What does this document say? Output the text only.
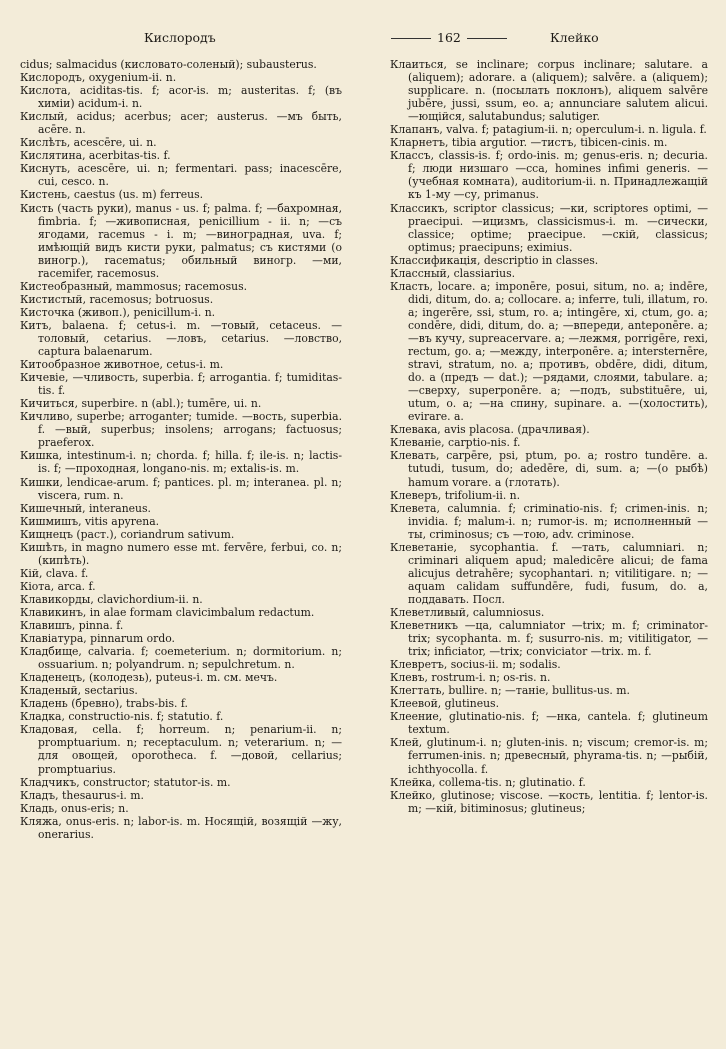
Кислородъ	162	Клейко

cidus; salmacidus (кисловато-соленый); subausterus.

Кислородъ, oxygenium-ii. n.

Кислота, aciditas-tis. f; acor-is. m; austeritas. f; (въ химіи) acidum-i. n.

Кислый, acidus; acerbus; acer; austerus. —мъ быть, acēre. n.

Кислѣть, acescēre, ui. n.

Кислятина, acerbitas-tis. f.

Киснуть, acescēre, ui. n; fermentari. pass; inacescēre, cui, cesco. n.

Кистень, caestus (us. m) ferreus.

Кисть (часть руки), manus - us. f; palma. f; —бахромная, fimbria. f; —живописная, penicillium - ii. n; —съ ягодами, racemus - i. m; —виноградная, uva. f; имѣющій видъ кисти руки, palmatus; съ кистями (о виногр.), racematus; обильный виногр. —ми, racemifer, racemosus.

Кистеобразный, mammosus; racemosus.

Кистистый, racemosus; botruosus.

Кисточка (живоп.), penicillum-i. n.

Китъ, balaena. f; cetus-i. m. —товый, cetaceus. —толовый, cetarius. —ловъ, cetarius. —ловство, captura balaenarum.

Китообразное животное, cetus-i. m.

Кичевіе, —чливость, superbia. f; arrogantia. f; tumiditas-tis. f.

Кичиться, superbire. n (abl.); tumēre, ui. n.

Кичливо, superbe; arroganter; tumide. —вость, superbia. f. —вый, superbus; insolens; arrogans; factuosus; praeferox.

Кишка, intestinum-i. n; chorda. f; hilla. f; ile-is. n; lactis-is. f; —проходная, longano-nis. m; extalis-is. m.

Кишки, lendicae-arum. f; pantices. pl. m; interanea. pl. n; viscera, rum. n.

Кишечный, interaneus.

Кишмишъ, vitis apyrena.

Кищнецъ (раст.), coriandrum sativum.

Кишѣть, in magno numero esse mt. fervēre, ferbui, co. n; (кипѣть).

Кій, clava. f.

Кіота, arca. f.

Клавикорды, clavichordium-ii. n.

Клавикинъ, in alae formam clavicimbalum redactum.

Клавишъ, pinna. f.

Клавіатура, pinnarum ordo.

Кладбище, calvaria. f; coemeterium. n; dormitorium. n; ossuarium. n; polyandrum. n; sepulchretum. n.

Кладенецъ, (колодезь), puteus-i. m. см. мечъ.

Кладеный, sectarius.

Кладень (бревно), trabs-bis. f.

Кладка, constructio-nis. f; statutio. f.

Кладовая, cella. f; horreum. n; penarium-ii. n; promptuarium. n; receptaculum. n; veterarium. n; —для овощей, oporotheca. f. —довой, cellarius; promptuarius.

Кладчикъ, constructor; statutor-is. m.

Кладъ, thesaurus-i. m.

Кладь, onus-eris; n.

Кляжа, onus-eris. n; labor-is. m. Носящій, возящій —жу, onerarius.

Клаиться, se inclinare; corpus inclinare; salutare. a (aliquem); adorare. a (aliquem); salvēre. a (aliquem); supplicare. n. (посылать поклонъ), aliquem salvēre jubēre, jussi, ssum, eo. a; annunciare salutem alicui. —ющійся, salutabundus; salutiger.

Клапанъ, valva. f; patagium-ii. n; operculum-i. n. ligula. f.

Кларнетъ, tibia argutior. —тистъ, tibicen-cinis. m.

Классъ, classis-is. f; ordo-inis. m; genus-eris. n; decuria. f; люди низшаго —сса, homines infimi generis. — (учебная комната), auditorium-ii. n. Принадлежащій къ 1-му —су, primanus.

Классикъ, scriptor classicus; —ки, scriptores optimi, —praecipui. —ицизмъ, classicismus-i. m. —сически, classice; optime; praecipue. —скій, classicus; optimus; praecipuns; eximius.

Классификація, descriptio in classes.

Классный, classiarius.

Класть, locare. a; imponēre, posui, situm, no. a; indēre, didi, ditum, do. a; collocare. a; inferre, tuli, illatum, ro. a; ingerēre, ssi, stum, ro. a; intingēre, xi, ctum, go. a; condēre, didi, ditum, do. a; —впереди, anteponēre. a; —въ кучу, supreacervare. a; —лежмя, porrigēre, rexi, rectum, go. a; —между, interponēre. a; intersternēre, stravi, stratum, no. a; противъ, obdēre, didi, ditum, do. a (предъ — dat.); —рядами, слоями, tabulare. a; —сверху, superponēre. a; —подъ, substituēre, ui, utum, o. a; —на спину, supinare. a. —(холостить), evirare. a.

Клевака, avis placosa. (драчливая).

Клеванiе, carptio-nis. f.

Клевать, carpēre, psi, ptum, po. a; rostro tundēre. a. tutudi, tusum, do; adedēre, di, sum. a; —(о рыбѣ) hamum vorare. a (глотать).

Клеверъ, trifolium-ii. n.

Клевета, calumnia. f; criminatio-nis. f; crimen-inis. n; invidia. f; malum-i. n; rumor-is. m; исполненный —ты, criminosus; съ —тою, adv. criminose.

Клеветаніе, sycophantia. f. —тать, calumniari. n; criminari aliquem apud; maledicēre alicui; de fama alicujus detrahēre; sycophantari. n; vitilitigare. n; —aquam calidam suffundēre, fudi, fusum, do. a, поддавать. Посл.

Клеветливый, calumniosus.

Клеветникъ —ца, calumniator —trix; m. f; criminator-trix; sycophanta. m. f; susurro-nis. m; vitilitigator, —trix; inficiator, —trix; conviciator —trix. m. f.

Клевретъ, socius-ii. m; sodalis.

Клевъ, rostrum-i. n; os-ris. n.

Клегтать, bullire. n; —танiе, bullitus-us. m.

Клеевой, glutineus.

Клеение, glutinatio-nis. f; —нка, cantela. f; glutineum textum.

Клей, glutinum-i. n; gluten-inis. n; viscum; cremor-is. m; ferrumen-inis. n; древесный, phyrama-tis. n; —рыбій, ichthyocolla. f.

Клейка, collema-tis. n; glutinatio. f.

Клейко, glutinose; viscose. —кость, lentitia. f; lentor-is. m; —кій, bitiminosus; glutineus;
